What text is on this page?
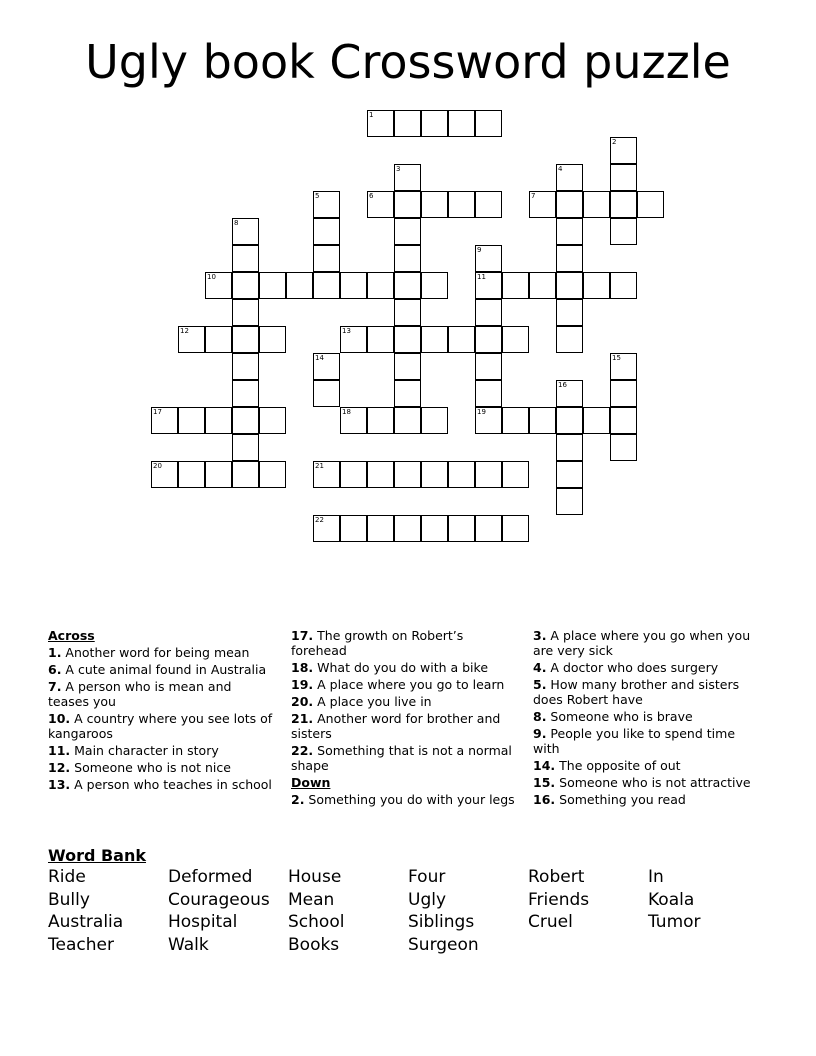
Ugly book Crossword puzzle
1
2
3	4
5	6	7
8
9
11
19
10
12	13
14	15
16
17	18
20	21
22
Across
1. Another word for being mean
6. A cute animal found in Australia
7. A person who is mean and teases you
10. A country where you see lots of kangaroos
11. Main character in story
12. Someone who is not nice
13. A person who teaches in school
17. The growth on Robert’s forehead
18. What do you do with a bike
19. A place where you go to learn
20. A place you live in
21. Another word for brother and sisters
22. Something that is not a normal shape
Down
2. Something you do with your legs
3. A place where you go when you are very sick
4. A doctor who does surgery
5. How many brother and sisters does Robert have
8. Someone who is brave
9. People you like to spend time with
14. The opposite of out
15. Someone who is not attractive
16. Something you read
Word Bank
Ride	Deformed	House	Four	Robert	In
Bully	Courageous	Mean	Ugly	Friends	Koala
Australia	Hospital	School	Siblings	Cruel	Tumor
Teacher	Walk	Books	Surgeon
